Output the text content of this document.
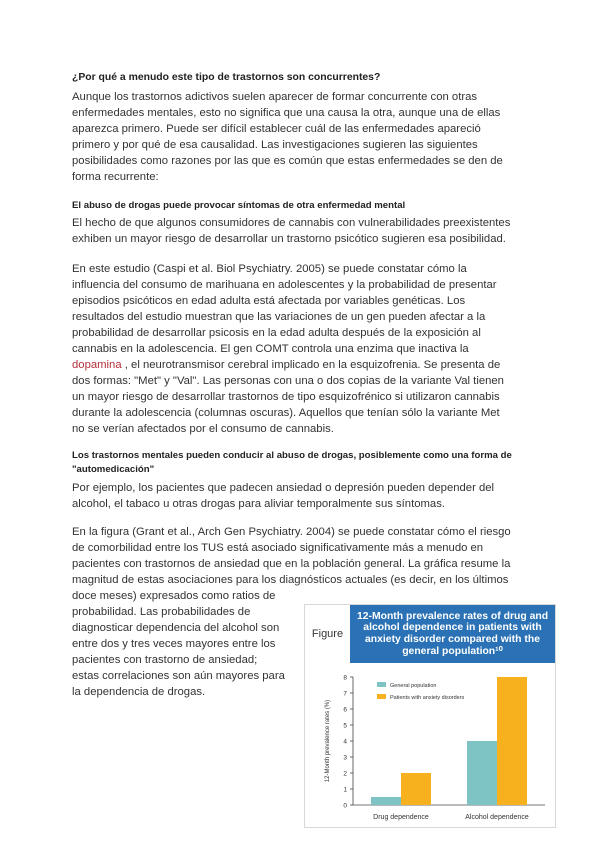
¿Por qué a menudo este tipo de trastornos son concurrentes?
Aunque los trastornos adictivos suelen aparecer de formar concurrente con otras
enfermedades mentales, esto no significa que una causa la otra, aunque una de ellas
aparezca primero. Puede ser difícil establecer cuál de las enfermedades apareció
primero y por qué de esa causalidad. Las investigaciones sugieren las siguientes
posibilidades como razones por las que es común que estas enfermedades se den de
forma recurrente:
El abuso de drogas puede provocar síntomas de otra enfermedad mental
El hecho de que algunos consumidores de cannabis con vulnerabilidades preexistentes
exhiben un mayor riesgo de desarrollar un trastorno psicótico sugieren esa posibilidad.
En este estudio (Caspi et al. Biol Psychiatry. 2005) se puede constatar cómo la
influencia del consumo de marihuana en adolescentes y la probabilidad de presentar
episodios psicóticos en edad adulta está afectada por variables genéticas. Los
resultados del estudio muestran que las variaciones de un gen pueden afectar a la
probabilidad de desarrollar psicosis en la edad adulta después de la exposición al
cannabis en la adolescencia. El gen COMT controla una enzima que inactiva la
dopamina , el neurotransmisor cerebral implicado en la esquizofrenia. Se presenta de
dos formas: "Met" y "Val". Las personas con una o dos copias de la variante Val tienen
un mayor riesgo de desarrollar trastornos de tipo esquizofrénico si utilizaron cannabis
durante la adolescencia (columnas oscuras). Aquellos que tenían sólo la variante Met
no se verían afectados por el consumo de cannabis.
Los trastornos mentales pueden conducir al abuso de drogas, posiblemente como una forma de
"automedicación"
Por ejemplo, los pacientes que padecen ansiedad o depresión pueden depender del
alcohol, el tabaco u otras drogas para aliviar temporalmente sus síntomas.
En la figura (Grant et al., Arch Gen Psychiatry. 2004) se puede constatar cómo el riesgo
de comorbilidad entre los TUS está asociado significativamente más a menudo en
pacientes con trastornos de ansiedad que en la población general. La gráfica resume la
magnitud de estas asociaciones para los diagnósticos actuales (es decir, en los últimos
doce meses) expresados como ratios de
probabilidad. Las probabilidades de
diagnosticar dependencia del alcohol son
entre dos y tres veces mayores entre los
pacientes con trastorno de ansiedad;
estas correlaciones son aún mayores para
la dependencia de drogas.
Figure
12-Month prevalence rates of drug and alcohol dependence in patients with anxiety disorder compared with the general population¹⁰
0
1
2
3
4
5
6
7
8
12-Month prevalence rates (%)
Drug dependence	Alcohol dependence
General population
Patients with anxiety disorders
